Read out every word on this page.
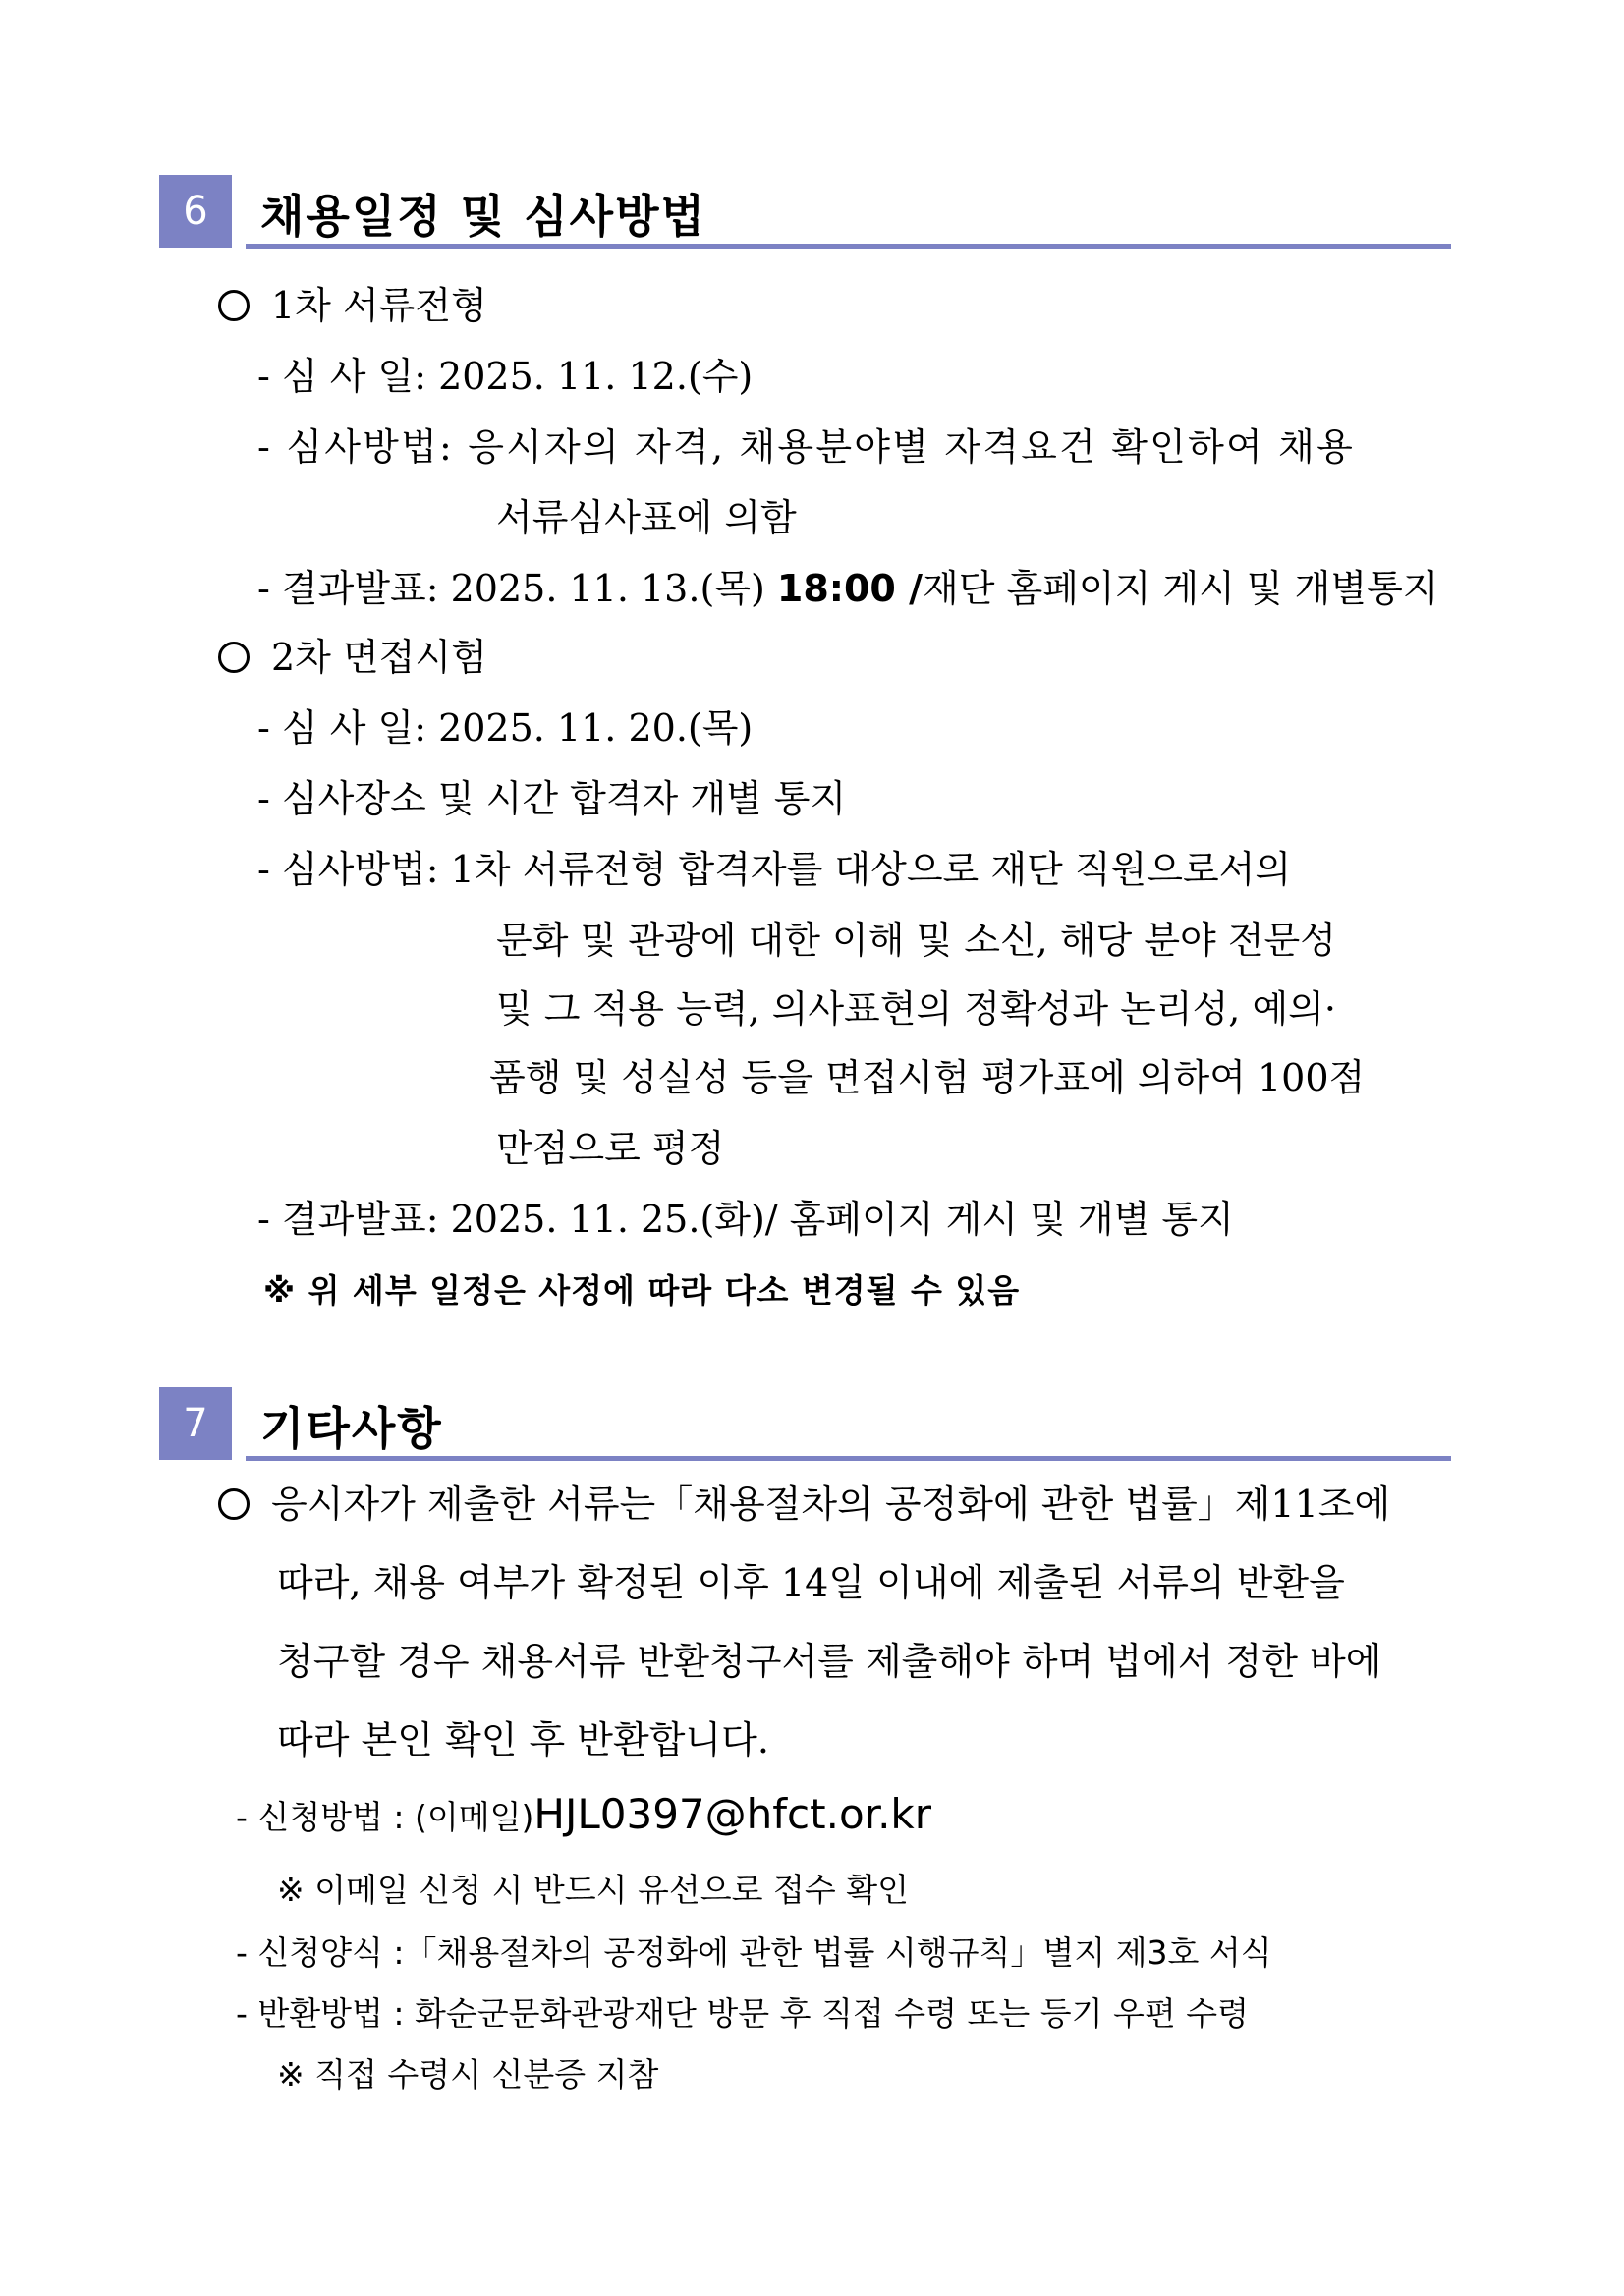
6	채용일정 및 심사방법
1차 서류전형
- 심 사 일: 2025. 11. 12.(수)
- 심사방법: 응시자의 자격, 채용분야별 자격요건 확인하여 채용
서류심사표에 의함
- 결과발표: 2025. 11. 13.(목) 18:00 /재단 홈페이지 게시 및 개별통지
2차 면접시험
- 심 사 일: 2025. 11. 20.(목)
- 심사장소 및 시간 합격자 개별 통지
- 심사방법: 1차 서류전형 합격자를 대상으로 재단 직원으로서의
문화 및 관광에 대한 이해 및 소신, 해당 분야 전문성
및 그 적용 능력, 의사표현의 정확성과 논리성, 예의·
품행 및 성실성 등을 면접시험 평가표에 의하여 100점
만점으로 평정
- 결과발표: 2025. 11. 25.(화)/ 홈페이지 게시 및 개별 통지
※ 위 세부 일정은 사정에 따라 다소 변경될 수 있음
7	기타사항
응시자가 제출한 서류는「채용절차의 공정화에 관한 법률」제11조에
따라, 채용 여부가 확정된 이후 14일 이내에 제출된 서류의 반환을
청구할 경우 채용서류 반환청구서를 제출해야 하며 법에서 정한 바에
따라 본인 확인 후 반환합니다.
- 신청방법 : (이메일)HJL0397@hfct.or.kr
※ 이메일 신청 시 반드시 유선으로 접수 확인
- 신청양식 :「채용절차의 공정화에 관한 법률 시행규칙」별지 제3호 서식
- 반환방법 : 화순군문화관광재단 방문 후 직접 수령 또는 등기 우편 수령
※ 직접 수령시 신분증 지참
